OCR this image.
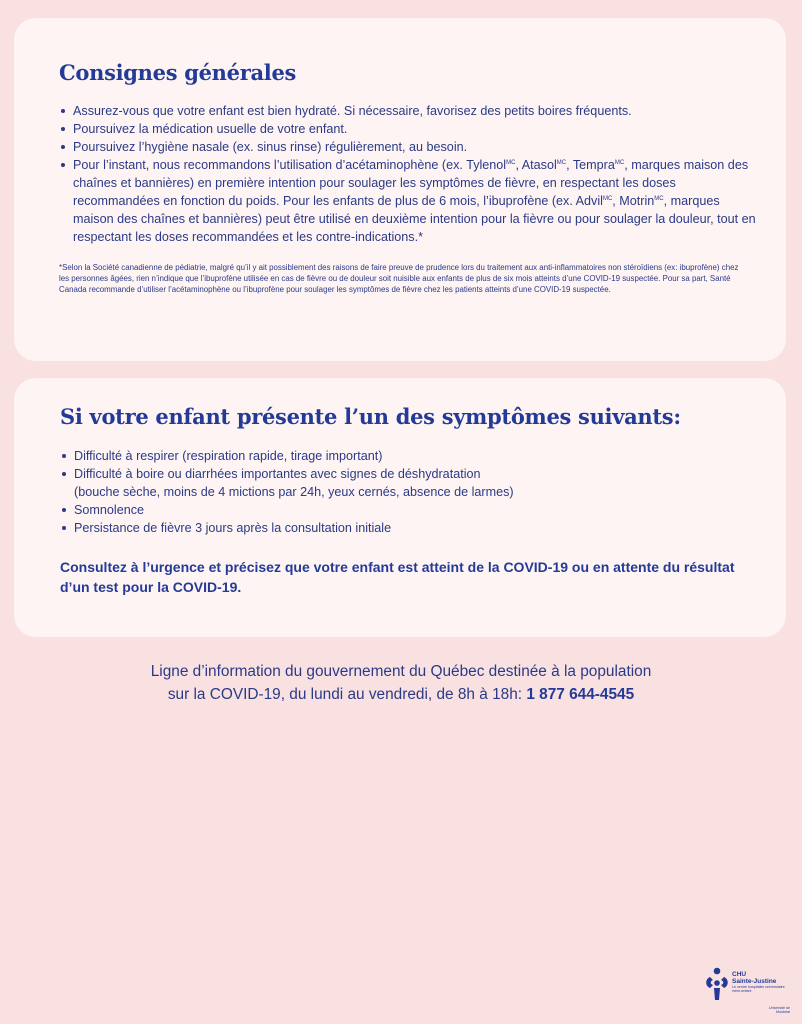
Consignes générales
Assurez-vous que votre enfant est bien hydraté. Si nécessaire, favorisez des petits boires fréquents.
Poursuivez la médication usuelle de votre enfant.
Poursuivez l’hygiène nasale (ex. sinus rinse) régulièrement, au besoin.
Pour l’instant, nous recommandons l’utilisation d’acétaminophène (ex. Tylenol$^{MC}$, Atasol$^{MC}$, Tempra$^{MC}$, marques maison des chaînes et bannières) en première intention pour soulager les symptômes de fièvre, en respectant les doses recommandées en fonction du poids. Pour les enfants de plus de 6 mois, l’ibuprofène (ex. Advil$^{MC}$, Motrin$^{MC}$, marques maison des chaînes et bannières) peut être utilisé en deuxième intention pour la fièvre ou pour soulager la douleur, tout en respectant les doses recommandées et les contre-indications.*
*Selon la Société canadienne de pédiatrie, malgré qu’il y ait possiblement des raisons de faire preuve de prudence lors du traitement aux anti-inflammatoires non stéroïdiens (ex: ibuprofène) chez les personnes âgées, rien n’indique que l’ibuprofène utilisée en cas de fièvre ou de douleur soit nuisible aux enfants de plus de six mois atteints d’une COVID-19 suspectée. Pour sa part, Santé Canada recommande d’utiliser l’acétaminophène ou l’ibuprofène pour soulager les symptômes de fièvre chez les patients atteints d’une COVID-19 suspectée.
Si votre enfant présente l’un des symptômes suivants:
Difficulté à respirer (respiration rapide, tirage important)
Difficulté à boire ou diarrhées importantes avec signes de déshydratation
(bouche sèche, moins de 4 mictions par 24h, yeux cernés, absence de larmes)
Somnolence
Persistance de fièvre 3 jours après la consultation initiale
Consultez à l’urgence et précisez que votre enfant est atteint de la COVID-19 ou en attente du résultat d’un test pour la COVID-19.
Ligne d’information du gouvernement du Québec destinée à la population
sur la COVID-19, du lundi au vendredi, de 8h à 18h: 1 877 644-4545
CHU
Sainte-Justine
Le centre hospitalier universitaire mère-enfant
Université de Montréal
